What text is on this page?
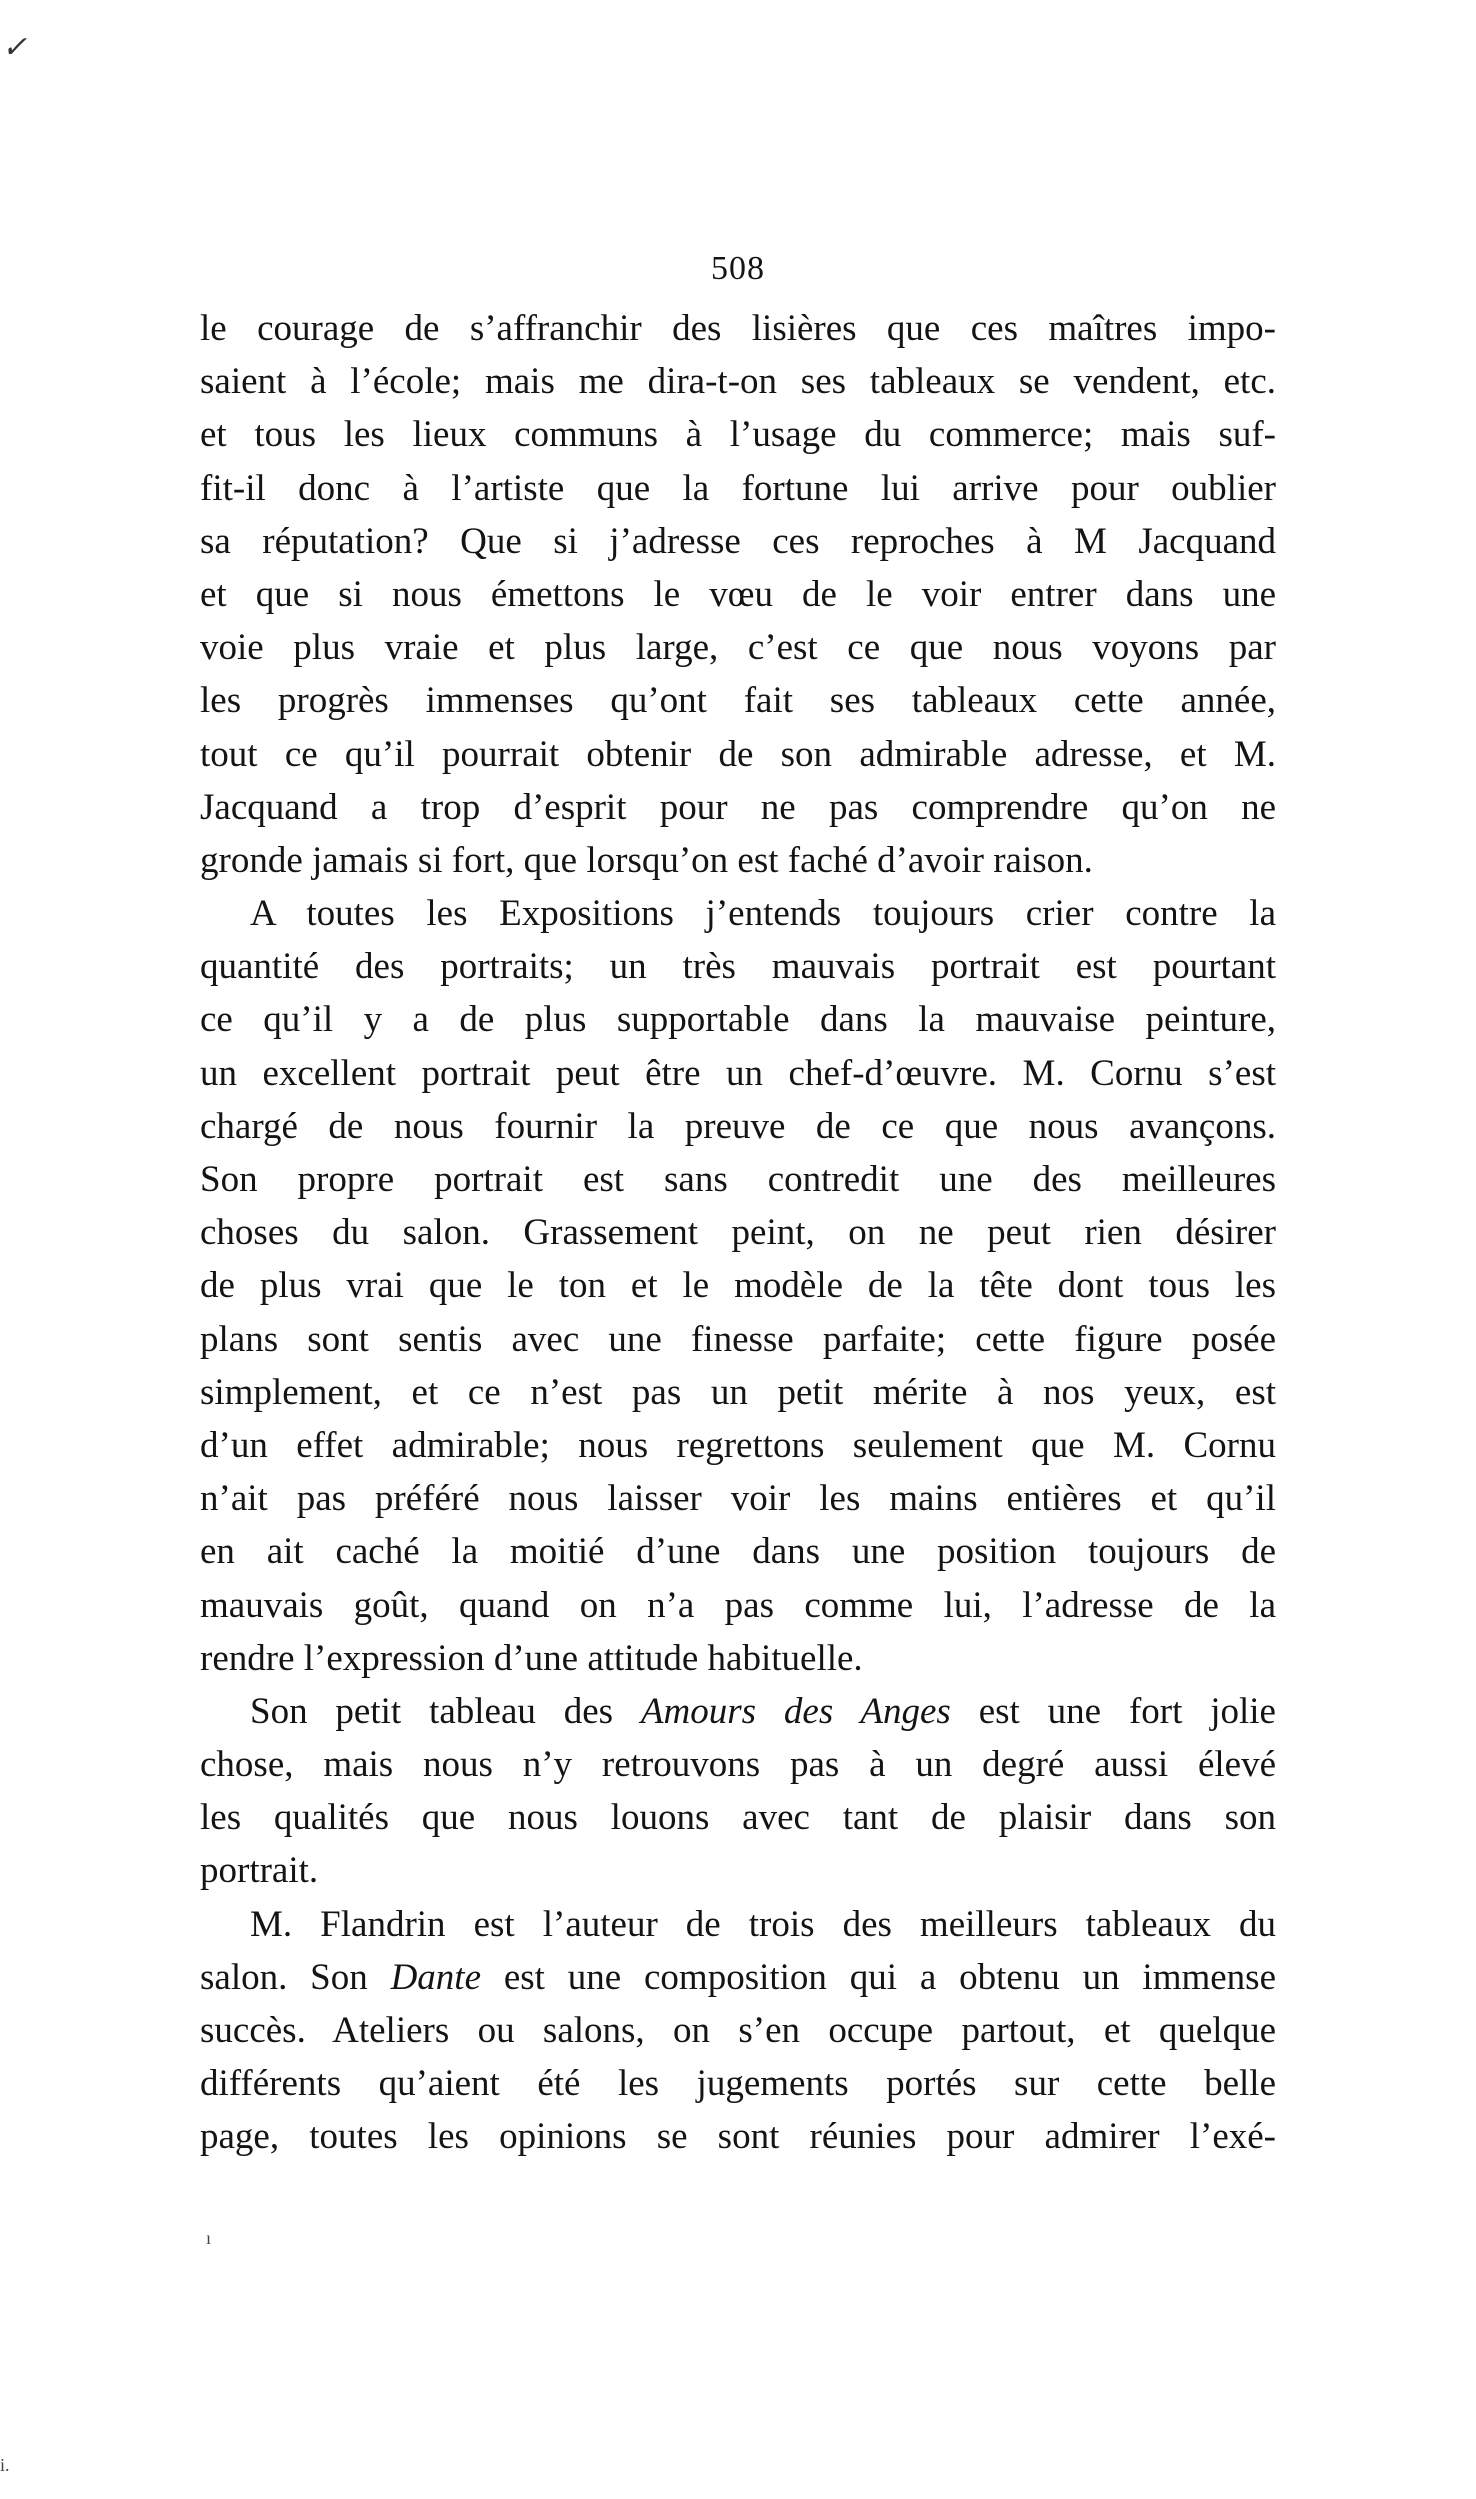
✓
508
le courage de s’affranchir des lisières que ces maîtres impo-
saient à l’école; mais me dira-t-on ses tableaux se vendent, etc.
et tous les lieux communs à l’usage du commerce; mais suf-
fit-il donc à l’artiste que la fortune lui arrive pour oublier
sa réputation? Que si j’adresse ces reproches à M Jacquand
et que si nous émettons le vœu de le voir entrer dans une
voie plus vraie et plus large, c’est ce que nous voyons par
les progrès immenses qu’ont fait ses tableaux cette année,
tout ce qu’il pourrait obtenir de son admirable adresse, et M.
Jacquand a trop d’esprit pour ne pas comprendre qu’on ne
gronde jamais si fort, que lorsqu’on est faché d’avoir raison.
A toutes les Expositions j’entends toujours crier contre la
quantité des portraits; un très mauvais portrait est pourtant
ce qu’il y a de plus supportable dans la mauvaise peinture,
un excellent portrait peut être un chef-d’œuvre. M. Cornu s’est
chargé de nous fournir la preuve de ce que nous avançons.
Son propre portrait est sans contredit une des meilleures
choses du salon. Grassement peint, on ne peut rien désirer
de plus vrai que le ton et le modèle de la tête dont tous les
plans sont sentis avec une finesse parfaite; cette figure posée
simplement, et ce n’est pas un petit mérite à nos yeux, est
d’un effet admirable; nous regrettons seulement que M. Cornu
n’ait pas préféré nous laisser voir les mains entières et qu’il
en ait caché la moitié d’une dans une position toujours de
mauvais goût, quand on n’a pas comme lui, l’adresse de la
rendre l’expression d’une attitude habituelle.
Son petit tableau des Amours des Anges est une fort jolie
chose, mais nous n’y retrouvons pas à un degré aussi élevé
les qualités que nous louons avec tant de plaisir dans son
portrait.
M. Flandrin est l’auteur de trois des meilleurs tableaux du
salon. Son Dante est une composition qui a obtenu un immense
succès. Ateliers ou salons, on s’en occupe partout, et quelque
différents qu’aient été les jugements portés sur cette belle
page, toutes les opinions se sont réunies pour admirer l’exé-
ı
i.
